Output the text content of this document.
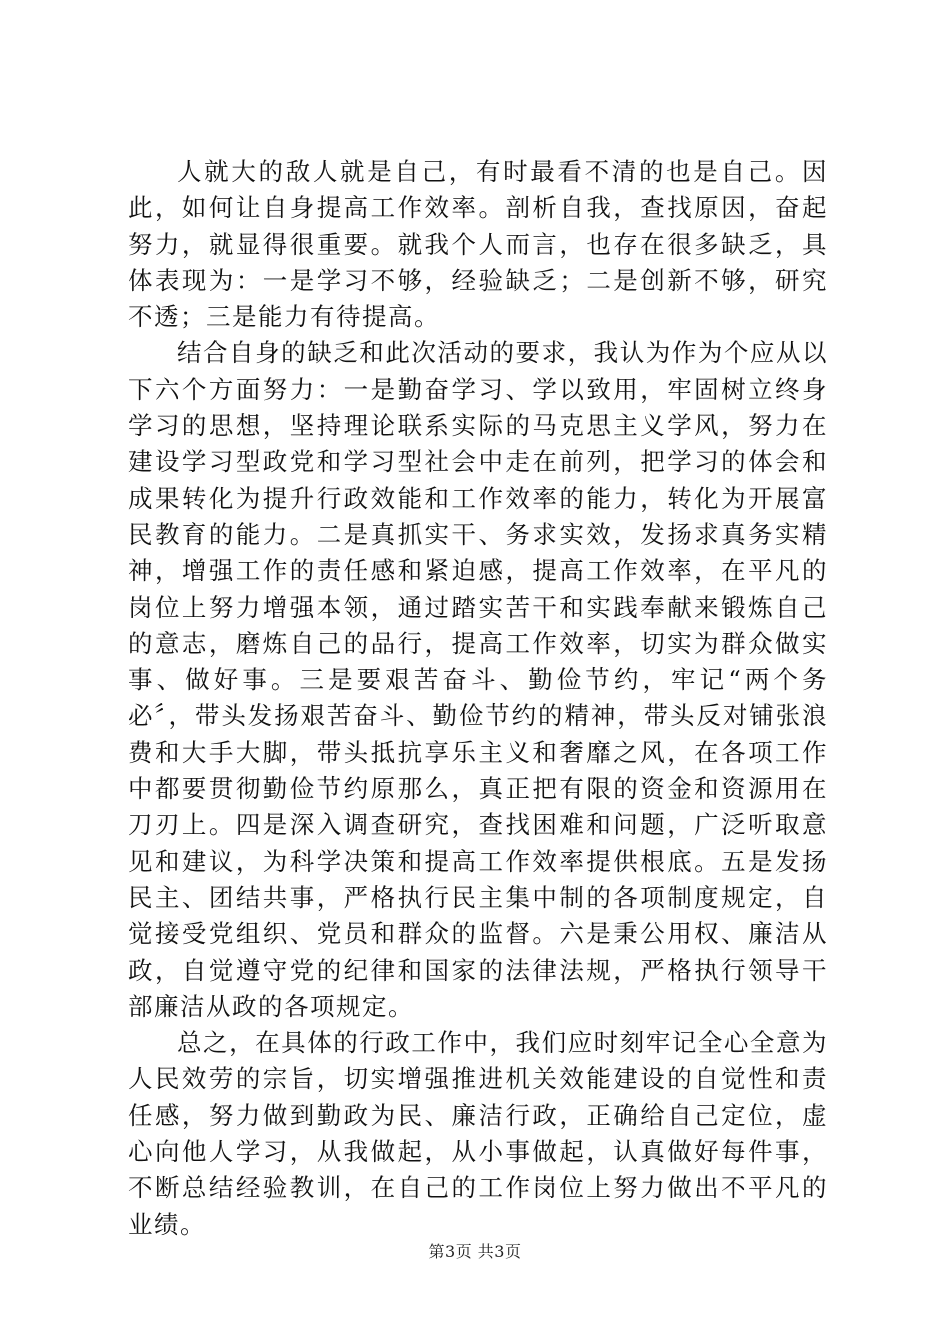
人就大的敌人就是自己，有时最看不清的也是自己。因此，如何让自身提高工作效率。剖析自我，查找原因，奋起努力，就显得很重要。就我个人而言，也存在很多缺乏，具体表现为：一是学习不够，经验缺乏；二是创新不够，研究不透；三是能力有待提高。

结合自身的缺乏和此次活动的要求，我认为作为个应从以下六个方面努力：一是勤奋学习、学以致用，牢固树立终身学习的思想，坚持理论联系实际的马克思主义学风，努力在建设学习型政党和学习型社会中走在前列，把学习的体会和成果转化为提升行政效能和工作效率的能力，转化为开展富民教育的能力。二是真抓实干、务求实效，发扬求真务实精神，增强工作的责任感和紧迫感，提高工作效率，在平凡的岗位上努力增强本领，通过踏实苦干和实践奉献来锻炼自己的意志，磨炼自己的品行，提高工作效率，切实为群众做实事、做好事。三是要艰苦奋斗、勤俭节约，牢记“两个务必〞，带头发扬艰苦奋斗、勤俭节约的精神，带头反对铺张浪费和大手大脚，带头抵抗享乐主义和奢靡之风，在各项工作中都要贯彻勤俭节约原那么，真正把有限的资金和资源用在刀刃上。四是深入调查研究，查找困难和问题，广泛听取意见和建议，为科学决策和提高工作效率提供根底。五是发扬民主、团结共事，严格执行民主集中制的各项制度规定，自觉接受党组织、党员和群众的监督。六是秉公用权、廉洁从政，自觉遵守党的纪律和国家的法律法规，严格执行领导干部廉洁从政的各项规定。

总之，在具体的行政工作中，我们应时刻牢记全心全意为人民效劳的宗旨，切实增强推进机关效能建设的自觉性和责任感，努力做到勤政为民、廉洁行政，正确给自己定位，虚心向他人学习，从我做起，从小事做起，认真做好每件事，不断总结经验教训，在自己的工作岗位上努力做出不平凡的业绩。

第3页 共3页
